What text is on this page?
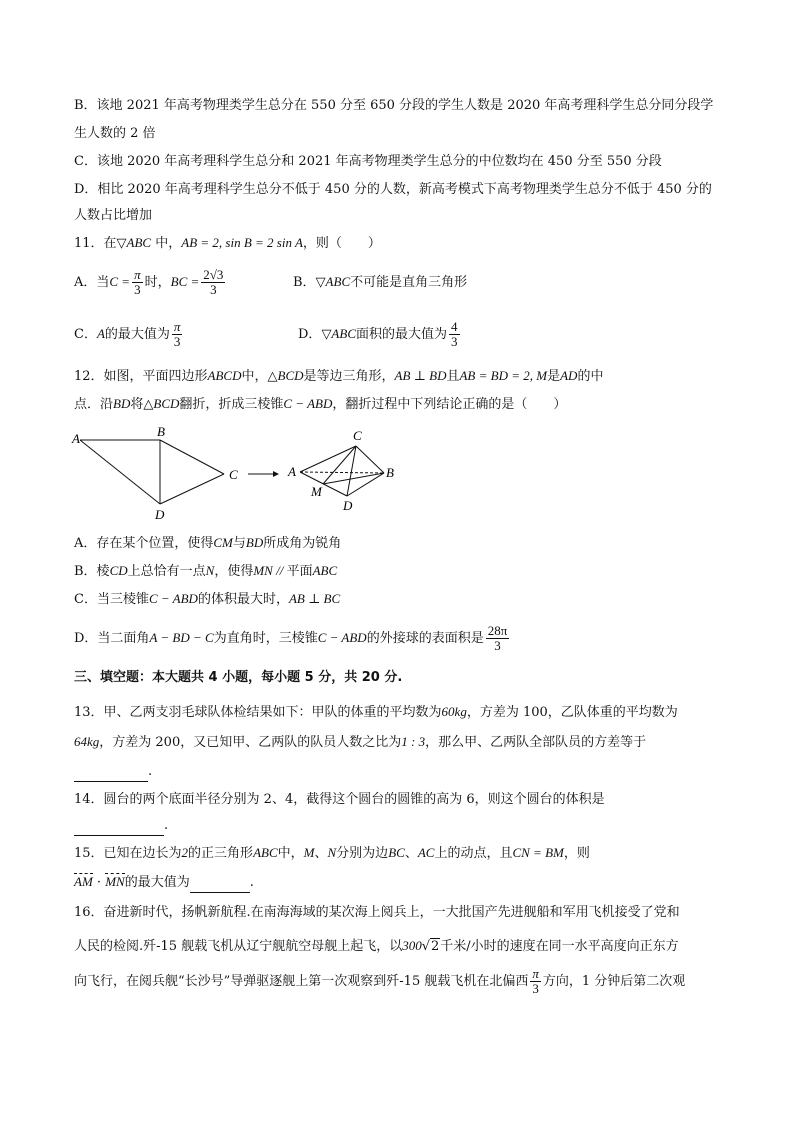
B．该地 2021 年高考物理类学生总分在 550 分至 650 分段的学生人数是 2020 年高考理科学生总分同分段学
生人数的 2 倍
C．该地 2020 年高考理科学生总分和 2021 年高考物理类学生总分的中位数均在 450 分至 550 分段
D．相比 2020 年高考理科学生总分不低于 450 分的人数，新高考模式下高考物理类学生总分不低于 450 分的
人数占比增加
11．在▽ABC 中，AB = 2, sin B = 2 sin A，则（　　）
A．当$C = \frac{\pi}{3}$ 时，BC = $\frac{2√3}{3}$	B．▽ABC不可能是直角三角形
C．A的最大值为 $\frac{\pi}{3}$	D．▽ABC面积的最大值为 $\frac{4}{3}$
12．如图，平面四边形ABCD中，△BCD是等边三角形，AB ⊥ BD且AB = BD = 2, M是AD的中
点．沿BD将△BCD翻折，折成三棱锥C − ABD，翻折过程中下列结论正确的是（　　）
A	B
C
D
A
C
B
D
M
A．存在某个位置，使得CM与BD所成角为锐角
B．棱CD上总恰有一点N，使得MN // 平面ABC
C．当三棱锥C − ABD的体积最大时，AB ⊥ BC
D．当二面角A − BD − C为直角时，三棱锥C − ABD的外接球的表面积是 $\frac{28\pi}{3}$
三、填空题：本大题共 4 小题，每小题 5 分，共 20 分.
13．甲、乙两支羽毛球队体检结果如下：甲队的体重的平均数为60kg，方差为 100，乙队体重的平均数为
64kg，方差为 200，又已知甲、乙两队的队员人数之比为1 : 3，那么甲、乙两队全部队员的方差等于
.
14．圆台的两个底面半径分别为 2、4，截得这个圆台的圆锥的高为 6，则这个圆台的体积是
.
15．已知在边长为2的正三角形ABC中，M、N分别为边BC、AC上的动点，且CN = BM，则
AM · MN的最大值为	.
16．奋进新时代，扬帆新航程.在南海海域的某次海上阅兵上，一大批国产先进舰船和军用飞机接受了党和
人民的检阅.歼-15 舰载飞机从辽宁舰航空母舰上起飞，以300√2千米/小时的速度在同一水平高度向正东方
向飞行，在阅兵舰“长沙号”导弹驱逐舰上第一次观察到歼-15 舰载飞机在北偏西 $\frac{\pi}{3}$ 方向，1 分钟后第二次观
